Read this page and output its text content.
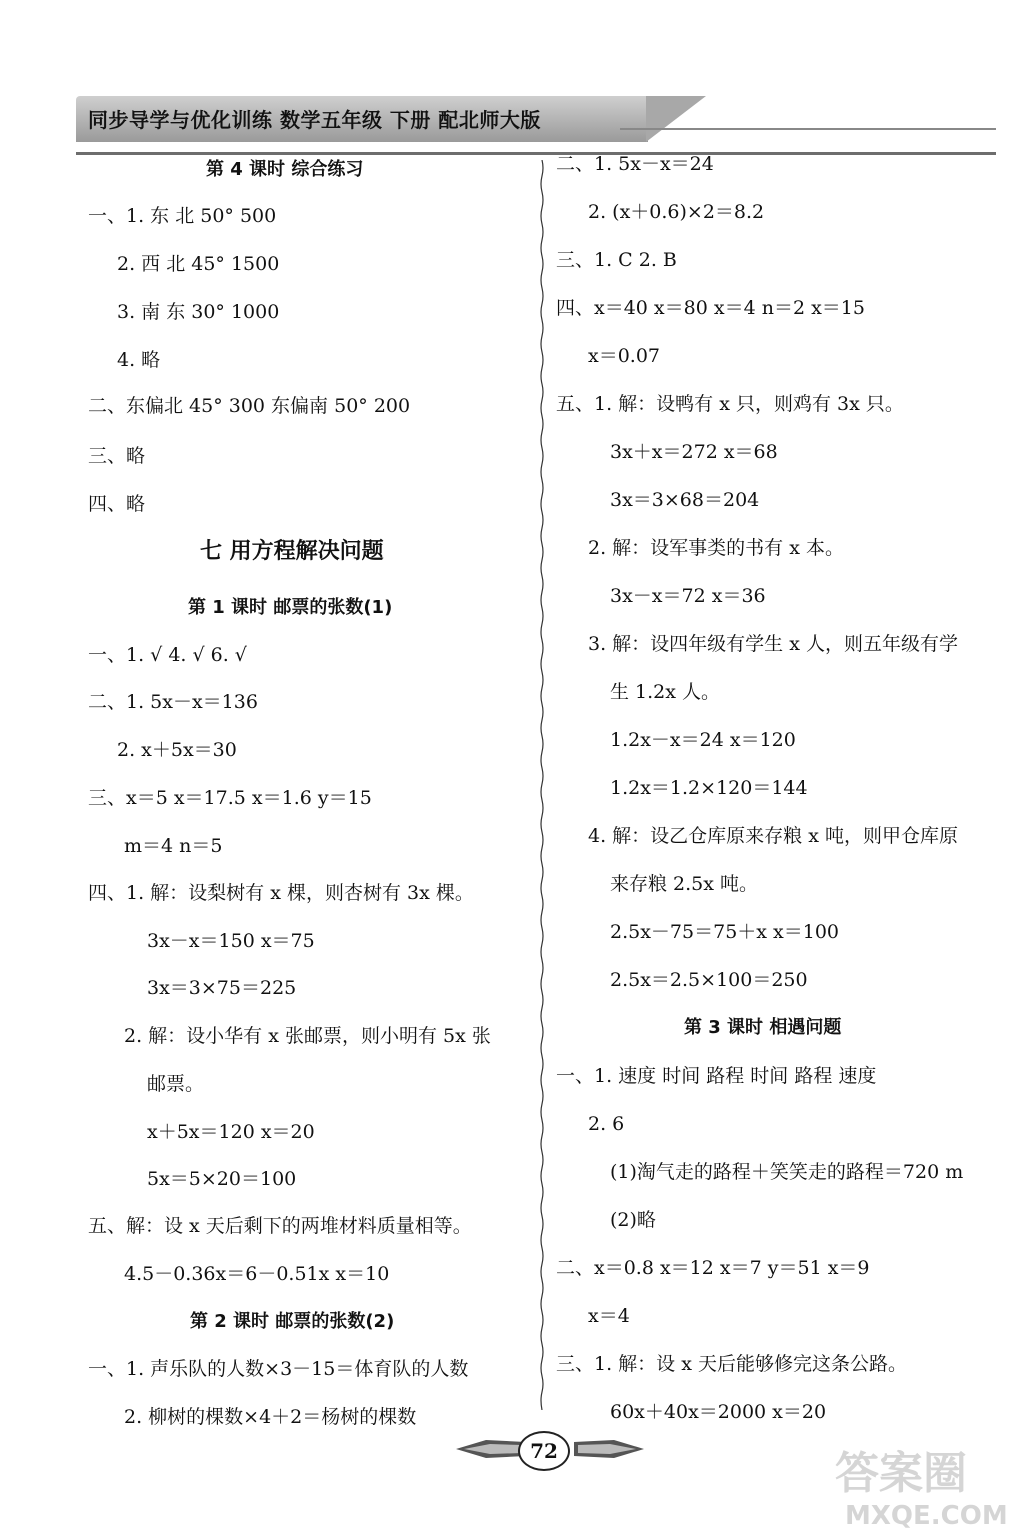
同步导学与优化训练 数学五年级 下册 配北师大版
第 4 课时 综合练习
一、1. 东 北 50° 500
2. 西 北 45° 1500
3. 南 东 30° 1000
4. 略
二、东偏北 45° 300 东偏南 50° 200
三、略
四、略
七 用方程解决问题
第 1 课时 邮票的张数(1)
一、1. √ 4. √ 6. √
二、1. 5x－x＝136
2. x＋5x＝30
三、x＝5 x＝17.5 x＝1.6 y＝15
m＝4 n＝5
四、1. 解：设梨树有 x 棵，则杏树有 3x 棵。
3x－x＝150 x＝75
3x＝3×75＝225
2. 解：设小华有 x 张邮票，则小明有 5x 张
邮票。
x＋5x＝120 x＝20
5x＝5×20＝100
五、解：设 x 天后剩下的两堆材料质量相等。
4.5－0.36x＝6－0.51x x＝10
第 2 课时 邮票的张数(2)
一、1. 声乐队的人数×3－15＝体育队的人数
2. 柳树的棵数×4＋2＝杨树的棵数
二、1. 5x－x＝24
2. (x＋0.6)×2＝8.2
三、1. C 2. B
四、x＝40 x＝80 x＝4 n＝2 x＝15
x＝0.07
五、1. 解：设鸭有 x 只，则鸡有 3x 只。
3x＋x＝272 x＝68
3x＝3×68＝204
2. 解：设军事类的书有 x 本。
3x－x＝72 x＝36
3. 解：设四年级有学生 x 人，则五年级有学
生 1.2x 人。
1.2x－x＝24 x＝120
1.2x＝1.2×120＝144
4. 解：设乙仓库原来存粮 x 吨，则甲仓库原
来存粮 2.5x 吨。
2.5x－75＝75＋x x＝100
2.5x＝2.5×100＝250
第 3 课时 相遇问题
一、1. 速度 时间 路程 时间 路程 速度
2. 6
(1)淘气走的路程＋笑笑走的路程＝720 m
(2)略
二、x＝0.8 x＝12 x＝7 y＝51 x＝9
x＝4
三、1. 解：设 x 天后能够修完这条公路。
60x＋40x＝2000 x＝20
72	答案圈
MXQE.COM
